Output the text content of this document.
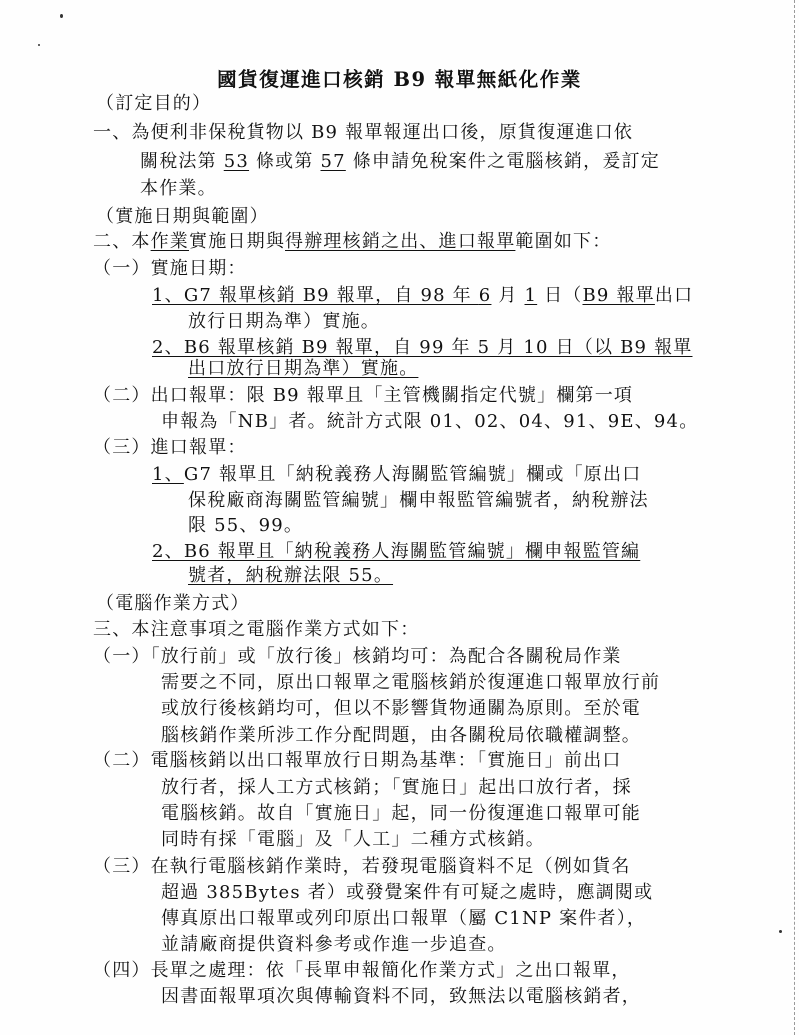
國貨復運進口核銷 B9 報單無紙化作業
（訂定目的）
一、為便利非保稅貨物以 B9 報單報運出口後，原貨復運進口依
關稅法第 53 條或第 57 條申請免稅案件之電腦核銷，爰訂定
本作業。
（實施日期與範圍）
二、本作業實施日期與得辦理核銷之出、進口報單範圍如下：
（一）實施日期：
1、G7 報單核銷 B9 報單，自 98 年 6 月 1 日（B9 報單出口
放行日期為準）實施。
2、B6 報單核銷 B9 報單，自 99 年 5 月 10 日（以 B9 報單
出口放行日期為準）實施。
（二）出口報單：限 B9 報單且「主管機關指定代號」欄第一項
申報為「NB」者。統計方式限 01、02、04、91、9E、94。
（三）進口報單：
1、G7 報單且「納稅義務人海關監管編號」欄或「原出口
保稅廠商海關監管編號」欄申報監管編號者，納稅辦法
限 55、99。
2、B6 報單且「納稅義務人海關監管編號」欄申報監管編
號者，納稅辦法限 55。
（電腦作業方式）
三、本注意事項之電腦作業方式如下：
（一）「放行前」或「放行後」核銷均可：為配合各關稅局作業
需要之不同，原出口報單之電腦核銷於復運進口報單放行前
或放行後核銷均可，但以不影響貨物通關為原則。至於電
腦核銷作業所涉工作分配問題，由各關稅局依職權調整。
（二）電腦核銷以出口報單放行日期為基準：「實施日」前出口
放行者，採人工方式核銷；「實施日」起出口放行者，採
電腦核銷。故自「實施日」起，同一份復運進口報單可能
同時有採「電腦」及「人工」二種方式核銷。
（三）在執行電腦核銷作業時，若發現電腦資料不足（例如貨名
超過 385Bytes 者）或發覺案件有可疑之處時，應調閱或
傳真原出口報單或列印原出口報單（屬 C1NP 案件者），
並請廠商提供資料參考或作進一步追查。
（四）長單之處理：依「長單申報簡化作業方式」之出口報單，
因書面報單項次與傳輸資料不同，致無法以電腦核銷者，
